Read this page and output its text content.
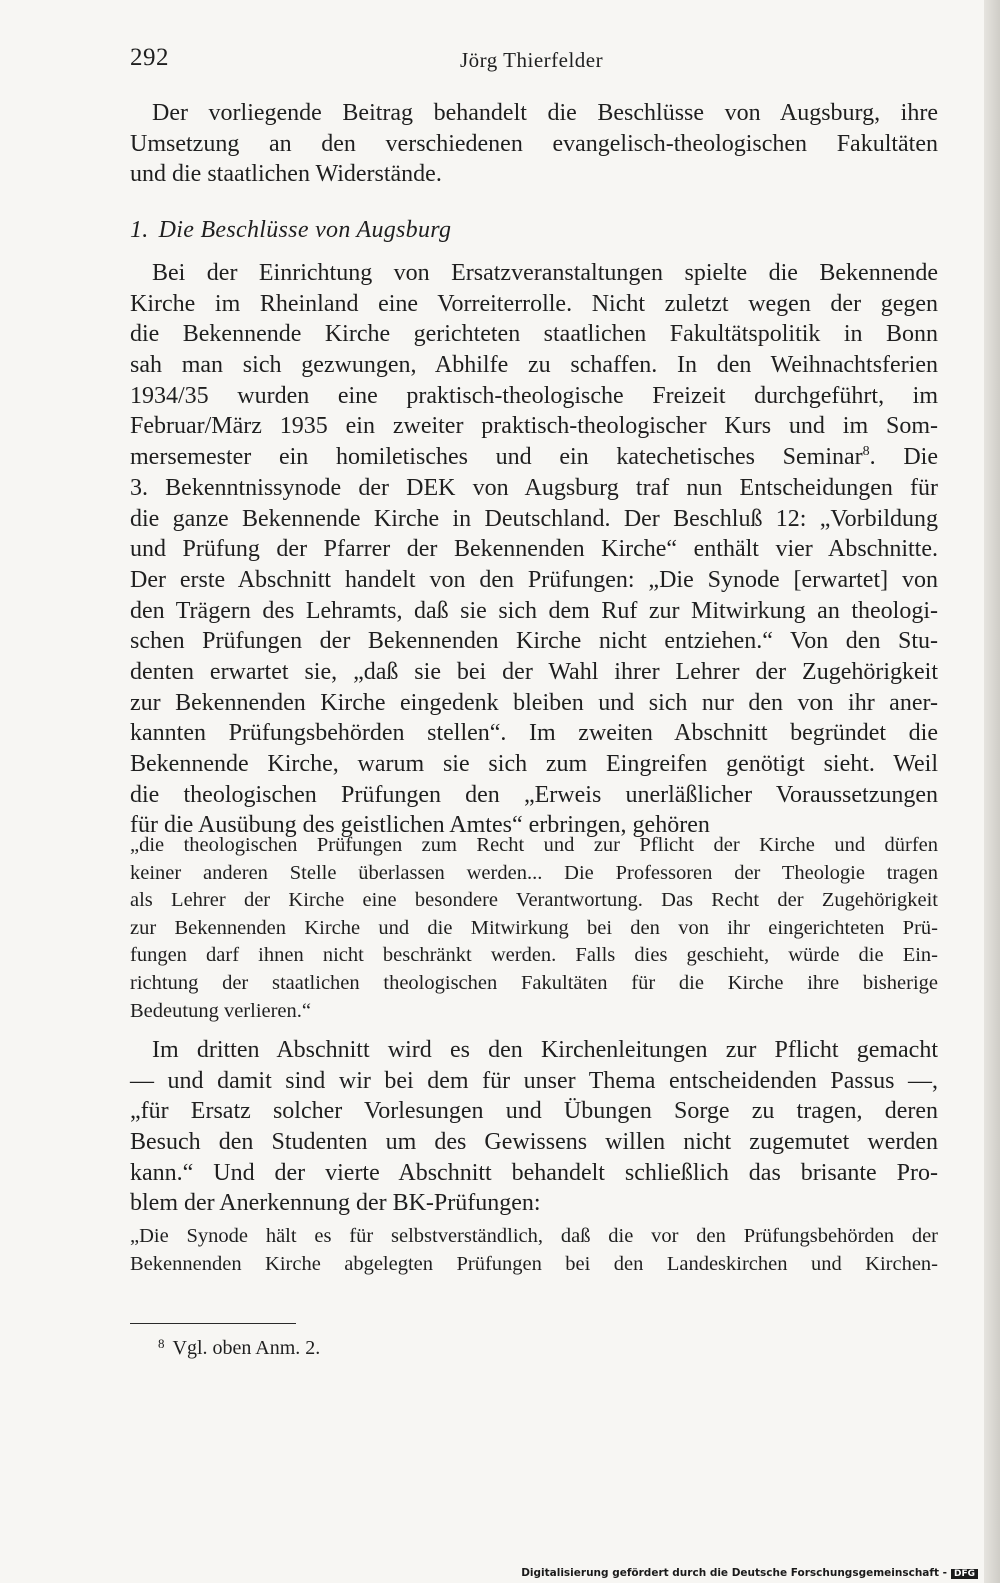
292	Jörg Thierfelder
Der vorliegende Beitrag behandelt die Beschlüsse von Augsburg, ihre
Umsetzung an den verschiedenen evangelisch-theologischen Fakultäten
und die staatlichen Widerstände.
1. Die Beschlüsse von Augsburg
Bei der Einrichtung von Ersatzveranstaltungen spielte die Bekennende
Kirche im Rheinland eine Vorreiterrolle. Nicht zuletzt wegen der gegen
die Bekennende Kirche gerichteten staatlichen Fakultätspolitik in Bonn
sah man sich gezwungen, Abhilfe zu schaffen. In den Weihnachtsferien
1934/35 wurden eine praktisch-theologische Freizeit durchgeführt, im
Februar/März 1935 ein zweiter praktisch-theologischer Kurs und im Som-
mersemester ein homiletisches und ein katechetisches Seminar$^8$. Die
3. Bekenntnissynode der DEK von Augsburg traf nun Entscheidungen für
die ganze Bekennende Kirche in Deutschland. Der Beschluß 12: „Vorbildung
und Prüfung der Pfarrer der Bekennenden Kirche“ enthält vier Abschnitte.
Der erste Abschnitt handelt von den Prüfungen: „Die Synode [erwartet] von
den Trägern des Lehramts, daß sie sich dem Ruf zur Mitwirkung an theologi-
schen Prüfungen der Bekennenden Kirche nicht entziehen.“ Von den Stu-
denten erwartet sie, „daß sie bei der Wahl ihrer Lehrer der Zugehörigkeit
zur Bekennenden Kirche eingedenk bleiben und sich nur den von ihr aner-
kannten Prüfungsbehörden stellen“. Im zweiten Abschnitt begründet die
Bekennende Kirche, warum sie sich zum Eingreifen genötigt sieht. Weil
die theologischen Prüfungen den „Erweis unerläßlicher Voraussetzungen
für die Ausübung des geistlichen Amtes“ erbringen, gehören
„die theologischen Prüfungen zum Recht und zur Pflicht der Kirche und dürfen
keiner anderen Stelle überlassen werden... Die Professoren der Theologie tragen
als Lehrer der Kirche eine besondere Verantwortung. Das Recht der Zugehörigkeit
zur Bekennenden Kirche und die Mitwirkung bei den von ihr eingerichteten Prü-
fungen darf ihnen nicht beschränkt werden. Falls dies geschieht, würde die Ein-
richtung der staatlichen theologischen Fakultäten für die Kirche ihre bisherige
Bedeutung verlieren.“
Im dritten Abschnitt wird es den Kirchenleitungen zur Pflicht gemacht
— und damit sind wir bei dem für unser Thema entscheidenden Passus —,
„für Ersatz solcher Vorlesungen und Übungen Sorge zu tragen, deren
Besuch den Studenten um des Gewissens willen nicht zugemutet werden
kann.“ Und der vierte Abschnitt behandelt schließlich das brisante Pro-
blem der Anerkennung der BK-Prüfungen:
„Die Synode hält es für selbstverständlich, daß die vor den Prüfungsbehörden der
Bekennenden Kirche abgelegten Prüfungen bei den Landeskirchen und Kirchen-
$^8$ Vgl. oben Anm. 2.
Digitalisierung gefördert durch die Deutsche Forschungsgemeinschaft - DFG
